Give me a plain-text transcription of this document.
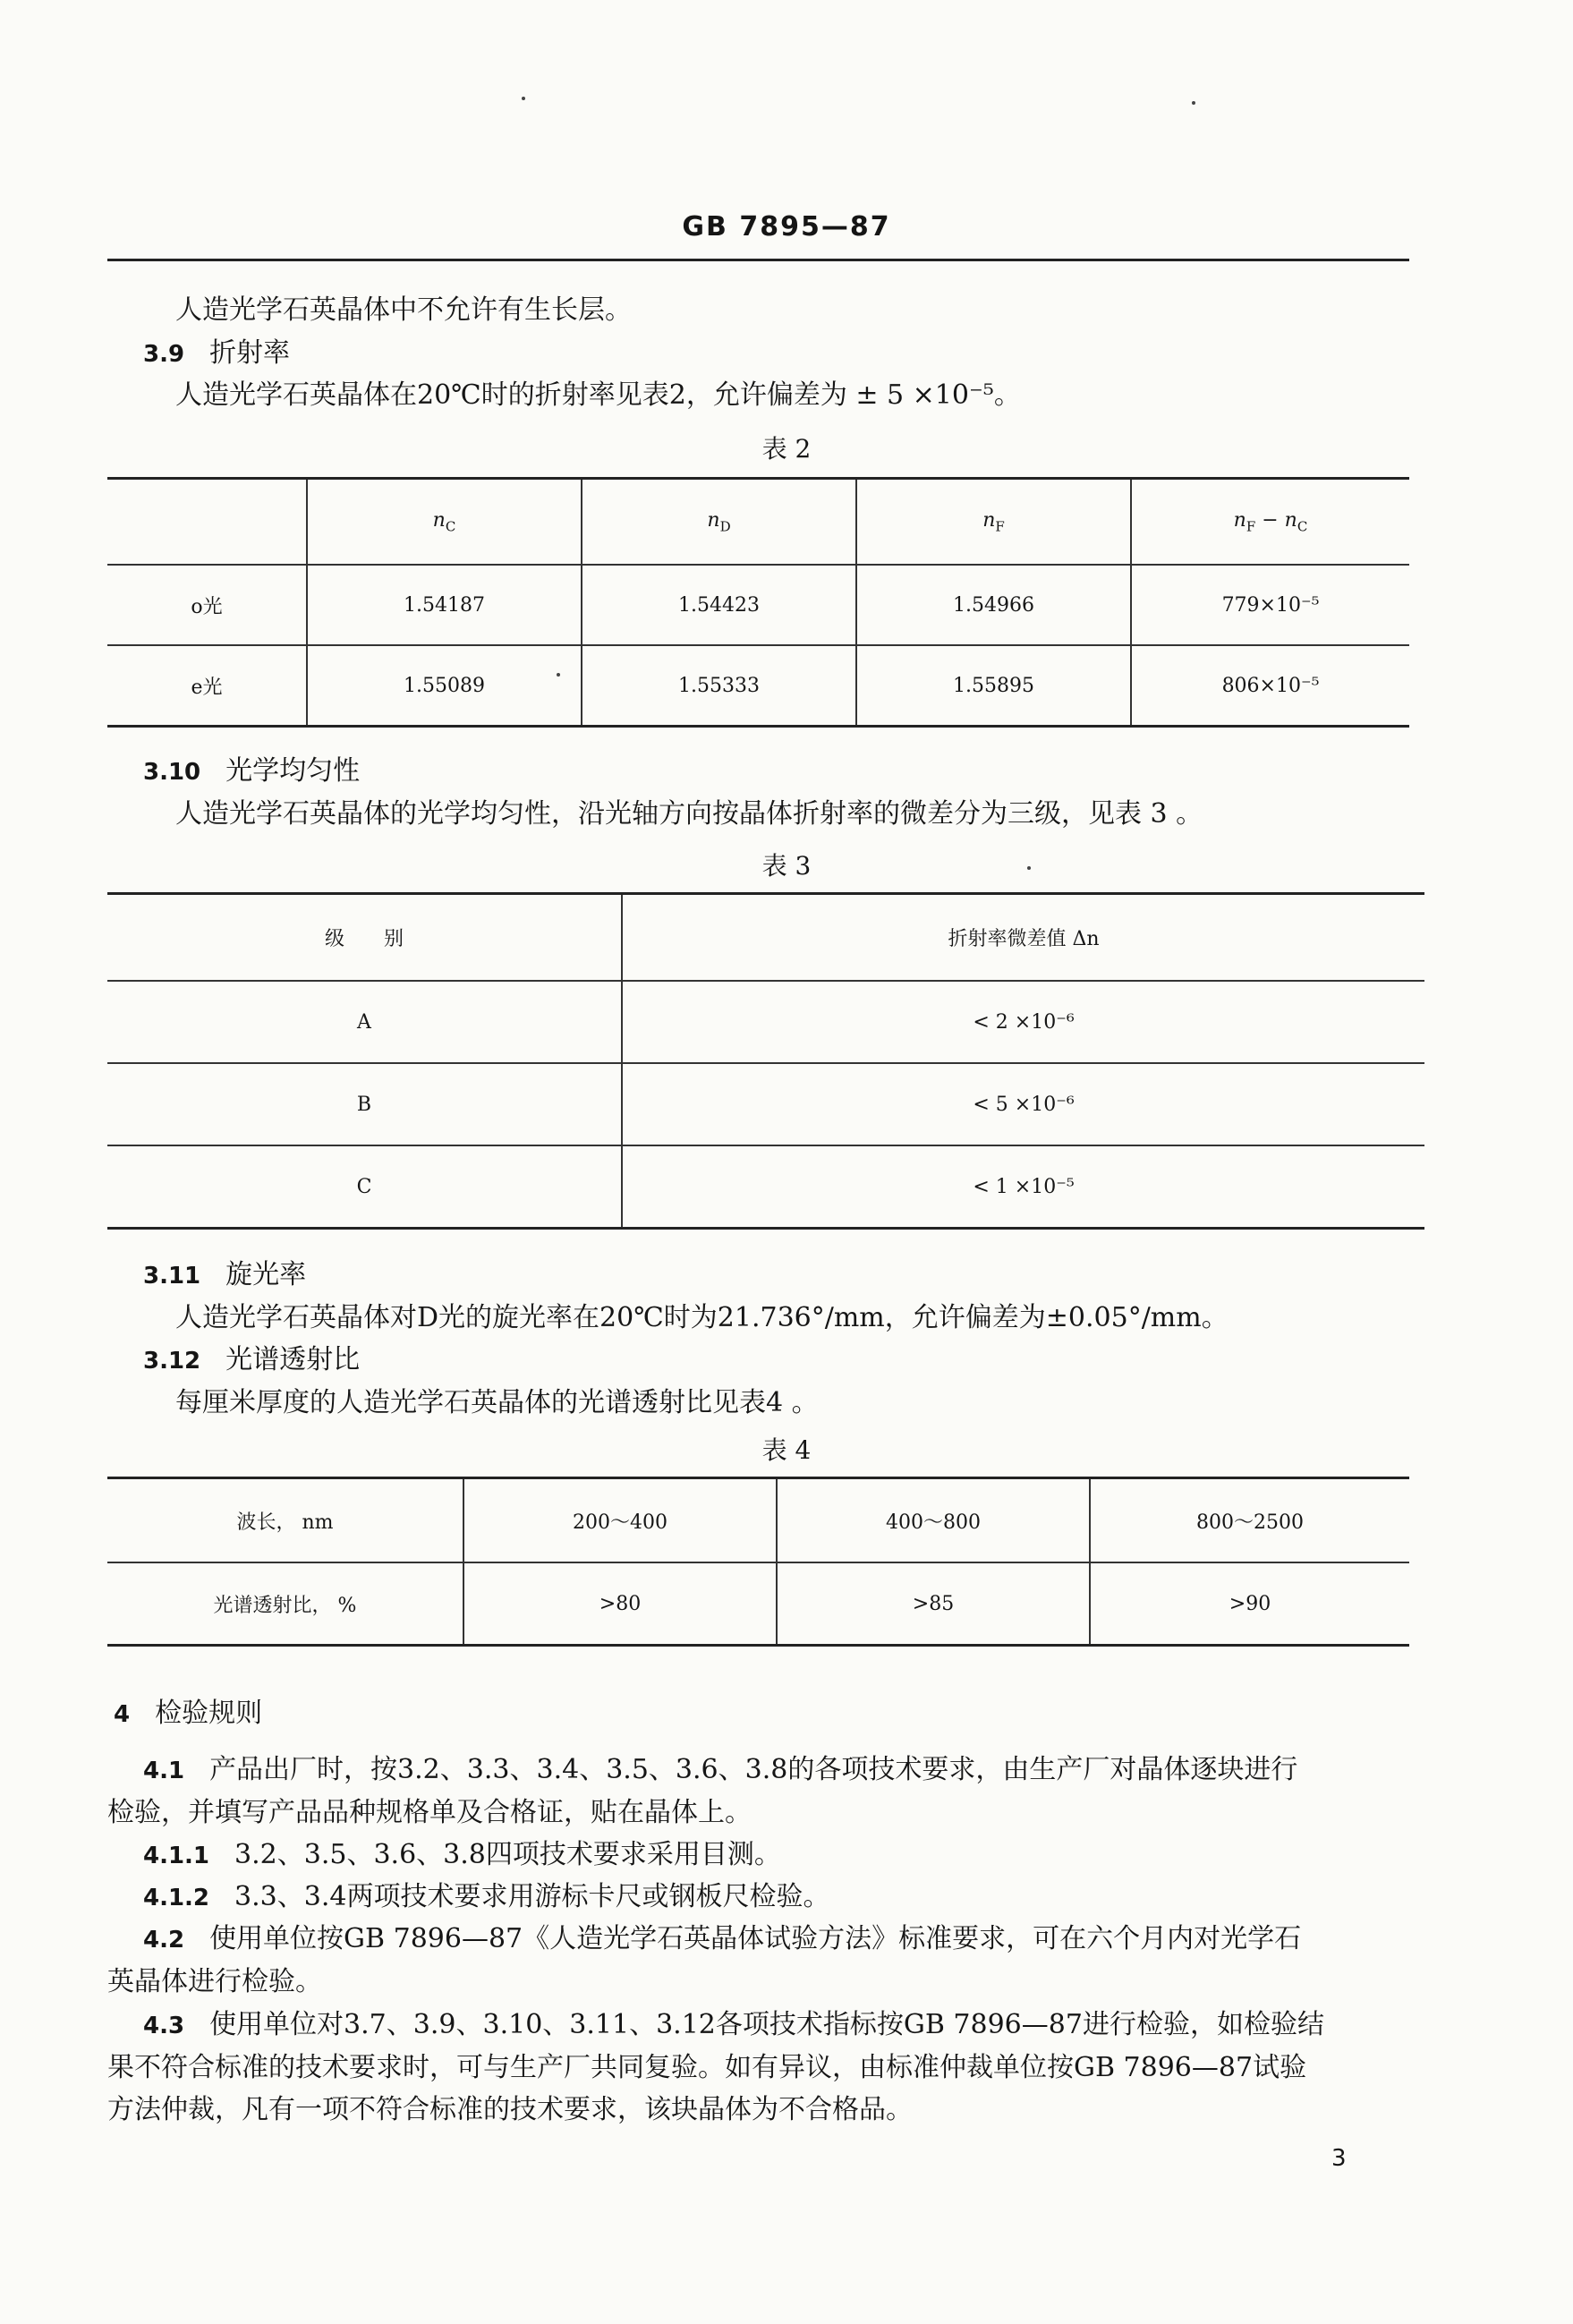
GB 7895—87
人造光学石英晶体中不允许有生长层。
3.9 折射率
人造光学石英晶体在20℃时的折射率见表2，允许偏差为 ± 5 ×10⁻⁵。
表 2
	$n_C$	$n_D$	$n_F$	$n_F - n_C$
o光	1.54187	1.54423	1.54966	779×10⁻⁵
e光	1.55089	1.55333	1.55895	806×10⁻⁵
3.10 光学均匀性
人造光学石英晶体的光学均匀性，沿光轴方向按晶体折射率的微差分为三级，见表 3 。
表 3
级　　别	折射率微差值 Δn
A	< 2 ×10⁻⁶
B	< 5 ×10⁻⁶
C	< 1 ×10⁻⁵
3.11 旋光率
人造光学石英晶体对D光的旋光率在20℃时为21.736°/mm，允许偏差为±0.05°/mm。
3.12 光谱透射比
每厘米厚度的人造光学石英晶体的光谱透射比见表4 。
表 4
波长， nm	200～400	400～800	800～2500
光谱透射比， %	>80	>85	>90
4 检验规则
4.1 产品出厂时，按3.2、3.3、3.4、3.5、3.6、3.8的各项技术要求，由生产厂对晶体逐块进行
检验，并填写产品品种规格单及合格证，贴在晶体上。
4.1.1 3.2、3.5、3.6、3.8四项技术要求采用目测。
4.1.2 3.3、3.4两项技术要求用游标卡尺或钢板尺检验。
4.2 使用单位按GB 7896—87《人造光学石英晶体试验方法》标准要求，可在六个月内对光学石
英晶体进行检验。
4.3 使用单位对3.7、3.9、3.10、3.11、3.12各项技术指标按GB 7896—87进行检验，如检验结
果不符合标准的技术要求时，可与生产厂共同复验。如有异议，由标准仲裁单位按GB 7896—87试验
方法仲裁，凡有一项不符合标准的技术要求，该块晶体为不合格品。
3
